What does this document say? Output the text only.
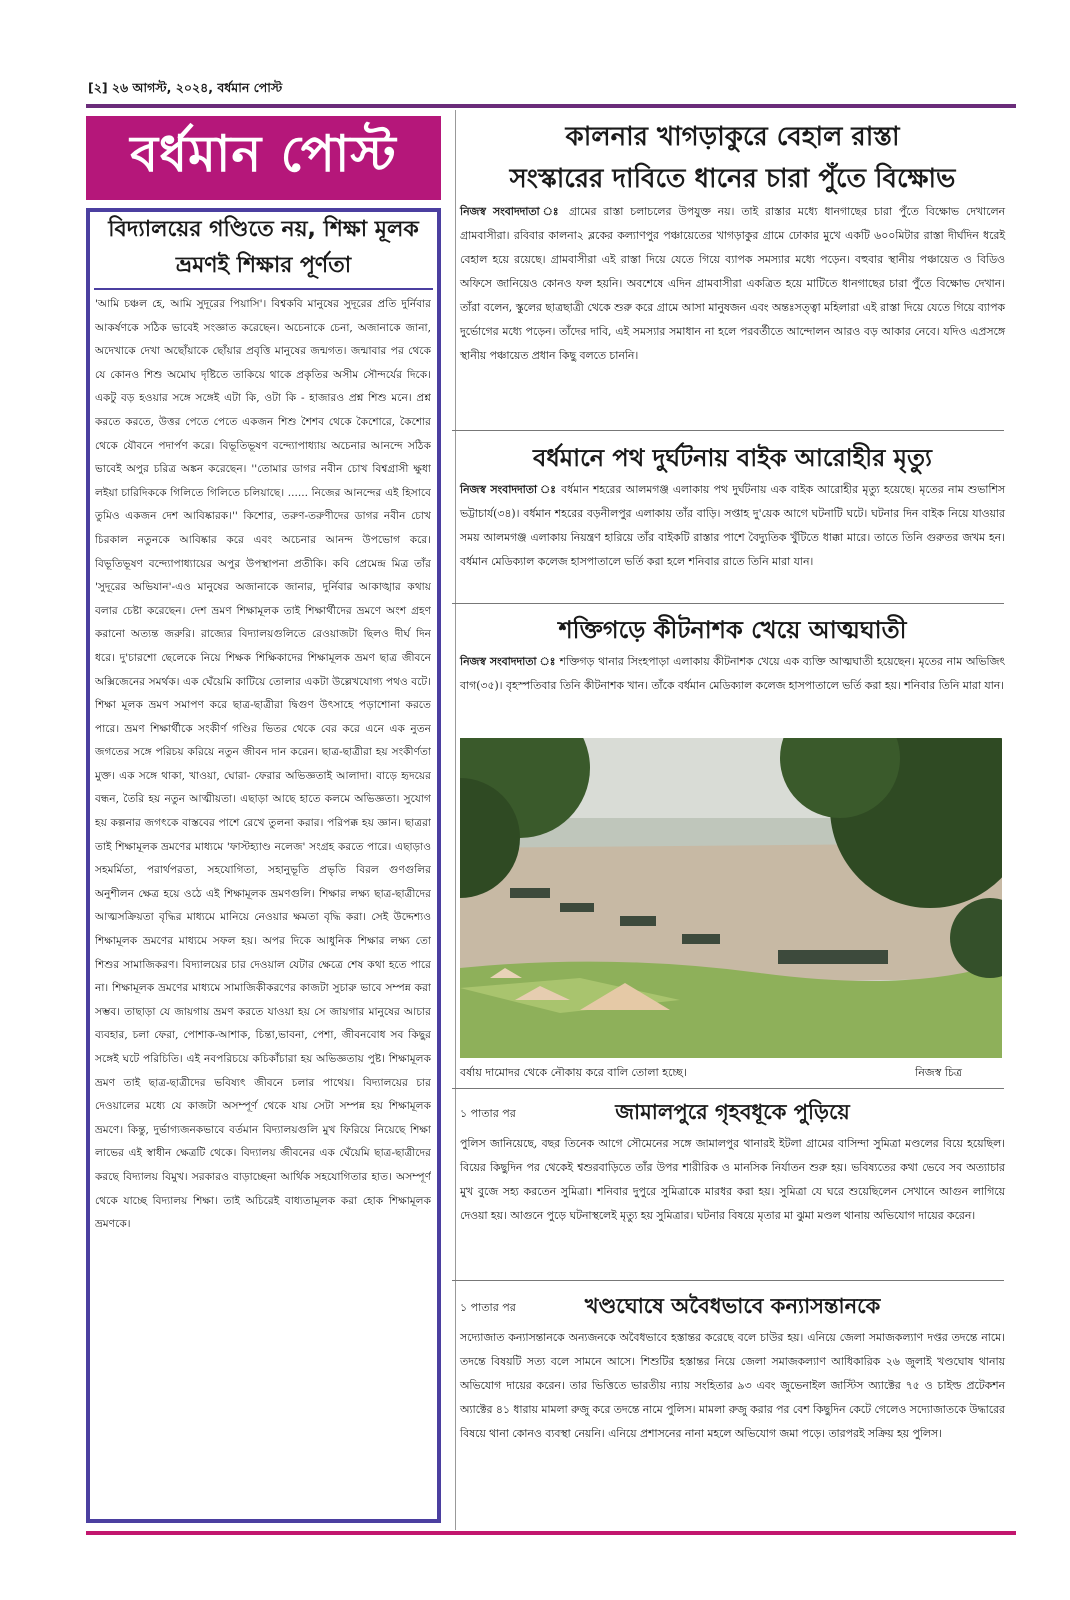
[২] ২৬ আগস্ট, ২০২৪, বর্ধমান পোস্ট
বর্ধমান পোস্ট
বিদ্যালয়ের গণ্ডিতে নয়, শিক্ষা মূলক ভ্রমণই শিক্ষার পূর্ণতা
'আমি চঞ্চল হে, আমি সুদূরের পিয়াসি'। বিশ্বকবি মানুষের সুদূরের প্রতি দুর্নিবার আকর্ষণকে সঠিক ভাবেই সংজ্ঞাত করেছেন। অচেনাকে চেনা, অজানাকে জানা, অদেখাকে দেখা অছোঁয়াকে ছোঁয়ার প্রবৃত্তি মানুষের জন্মগত। জন্মাবার পর থেকে যে কোনও শিশু অমোঘ দৃষ্টিতে তাকিয়ে থাকে প্রকৃতির অসীম সৌন্দর্যের দিকে। একটু বড় হওয়ার সঙ্গে সঙ্গেই এটা কি, ওটা কি - হাজারও প্রশ্ন শিশু মনে। প্রশ্ন করতে করতে, উত্তর পেতে পেতে একজন শিশু শৈশব থেকে কৈশোরে, কৈশোর থেকে যৌবনে পদার্পণ করে। বিভূতিভূষণ বন্দ্যোপাধ্যায় অচেনার আনন্দে সঠিক ভাবেই অপুর চরিত্র অঙ্কন করেছেন। ''তোমার ডাগর নবীন চোখ বিশ্বগ্রাসী ক্ষুধা লইয়া চারিদিককে গিলিতে গিলিতে চলিয়াছে। ...... নিজের আনন্দের এই হিসাবে তুমিও একজন দেশ আবিষ্কারক।'' কিশোর, তরুণ-তরুণীদের ডাগর নবীন চোখ চিরকাল নতুনকে আবিষ্কার করে এবং অচেনার আনন্দ উপভোগ করে। বিভূতিভূষণ বন্দ্যোপাধ্যায়ের অপুর উপস্থাপনা প্রতীকি। কবি প্রেমেন্দ্র মিত্র তাঁর 'সুদূরের অভিযান'-এও মানুষের অজানাকে জানার, দুর্নিবার আকাঙ্খার কথায় বলার চেষ্টা করেছেন। দেশ ভ্রমণ শিক্ষামূলক তাই শিক্ষার্থীদের ভ্রমণে অংশ গ্রহণ করানো অত্যন্ত জরুরি। রাজ্যের বিদ্যালয়গুলিতে রেওয়াজটা ছিলও দীর্ঘ দিন ধরে। দু'চারশো ছেলেকে নিয়ে শিক্ষক শিক্ষিকাদের শিক্ষামূলক ভ্রমণ ছাত্র জীবনে অক্সিজেনের সমর্থক। এক ঘেঁয়েমি কাটিয়ে তোলার একটা উল্লেখযোগ্য পথও বটে। শিক্ষা মূলক ভ্রমণ সমাপণ করে ছাত্র-ছাত্রীরা দ্বিগুণ উৎসাহে পড়াশোনা করতে পারে। ভ্রমণ শিক্ষার্থীকে সংকীর্ণ গণ্ডির ভিতর থেকে বের করে এনে এক নুতন জগতের সঙ্গে পরিচয় করিয়ে নতুন জীবন দান করেন। ছাত্র-ছাত্রীরা হয় সংকীর্ণতা মুক্ত। এক সঙ্গে থাকা, খাওয়া, ঘোরা- ফেরার অভিজ্ঞতাই আলাদা। বাড়ে হৃদয়ের বন্ধন, তৈরি হয় নতুন আত্মীয়তা। এছাড়া আছে হাতে কলমে অভিজ্ঞতা। সুযোগ হয় কল্পনার জগৎকে বাস্তবের পাশে রেখে তুলনা করার। পরিপক্ক হয় জ্ঞান। ছাত্ররা তাই শিক্ষামূলক ভ্রমণের মাধ্যমে 'ফাস্টহ্যাণ্ড নলেজ' সংগ্রহ করতে পারে। এছাড়াও সহমর্মিতা, পরার্থপরতা, সহযোগিতা, সহানুভূতি প্রভৃতি বিরল গুণগুলির অনুশীলন ক্ষেত্র হয়ে ওঠে এই শিক্ষামূলক ভ্রমণগুলি। শিক্ষার লক্ষ্য ছাত্র-ছাত্রীদের আত্মসক্রিয়তা বৃদ্ধির মাধ্যমে মানিয়ে নেওয়ার ক্ষমতা বৃদ্ধি করা। সেই উদ্দেশ্যও শিক্ষামূলক ভ্রমণের মাধ্যমে সফল হয়। অপর দিকে আধুনিক শিক্ষার লক্ষ্য তো শিশুর সামাজিকরণ। বিদ্যালয়ের চার দেওয়াল যেটার ক্ষেত্রে শেষ কথা হতে পারে না। শিক্ষামূলক ভ্রমণের মাধ্যমে সামাজিকীকরণের কাজটা সুচারু ভাবে সম্পন্ন করা সম্ভব। তাছাড়া যে জায়গায় ভ্রমণ করতে যাওয়া হয় সে জায়গার মানুষের আচার ব্যবহার, চলা ফেরা, পোশাক-আশাক, চিন্তা,ভাবনা, পেশা, জীবনবোধ সব কিছুর সঙ্গেই ঘটে পরিচিতি। এই নবপরিচয়ে কচিকাঁচারা হয় অভিজ্ঞতায় পুষ্ট। শিক্ষামূলক ভ্রমণ তাই ছাত্র-ছাত্রীদের ভবিষ্যৎ জীবনে চলার পাথেয়। বিদ্যালয়ের চার দেওয়ালের মধ্যে যে কাজটা অসম্পূর্ণ থেকে যায় সেটা সম্পন্ন হয় শিক্ষামূলক ভ্রমণে। কিন্তু, দুর্ভাগ্যজনকভাবে বর্তমান বিদ্যালয়গুলি মুখ ফিরিয়ে নিয়েছে শিক্ষা লাভের এই স্বাধীন ক্ষেত্রটি থেকে। বিদ্যালয় জীবনের এক ঘেঁয়েমি ছাত্র-ছাত্রীদের করছে বিদ্যালয় বিমুখ। সরকারও বাড়াচ্ছেনা আর্থিক সহযোগিতার হাত। অসম্পূর্ণ থেকে যাচ্ছে বিদ্যালয় শিক্ষা। তাই অচিরেই বাধ্যতামূলক করা হোক শিক্ষামূলক ভ্রমণকে।
কালনার খাগড়াকুরে বেহাল রাস্তা
সংস্কারের দাবিতে ধানের চারা পুঁতে বিক্ষোভ
নিজস্ব সংবাদদাতা ঃ গ্রামের রাস্তা চলাচলের উপযুক্ত নয়। তাই রাস্তার মধ্যে ধানগাছের চারা পুঁতে বিক্ষোভ দেখালেন গ্রামবাসীরা। রবিবার কালনা২ ব্লকের কল্যাণপুর পঞ্চায়েতের খাগড়াকুর গ্রামে ঢোকার মুখে একটি ৬০০মিটার রাস্তা দীর্ঘদিন ধরেই বেহাল হয়ে রয়েছে। গ্রামবাসীরা এই রাস্তা দিয়ে যেতে গিয়ে ব্যাপক সমস্যার মধ্যে পড়েন। বহুবার স্থানীয় পঞ্চায়েত ও বিডিও অফিসে জানিয়েও কোনও ফল হয়নি। অবশেষে এদিন গ্রামবাসীরা একত্রিত হয়ে মাটিতে ধানগাছের চারা পুঁতে বিক্ষোভ দেখান। তাঁরা বলেন, স্কুলের ছাত্রছাত্রী থেকে শুরু করে গ্রামে আসা মানুষজন এবং অন্তঃসত্ত্বা মহিলারা এই রাস্তা দিয়ে যেতে গিয়ে ব্যাপক দুর্ভোগের মধ্যে পড়েন। তাঁদের দাবি, এই সমস্যার সমাধান না হলে পরবর্তীতে আন্দোলন আরও বড় আকার নেবে। যদিও এপ্রসঙ্গে স্থানীয় পঞ্চায়েত প্রধান কিছু বলতে চাননি।
বর্ধমানে পথ দুর্ঘটনায় বাইক আরোহীর মৃত্যু
নিজস্ব সংবাদদাতা ঃ বর্ধমান শহরের আলমগঞ্জ এলাকায় পথ দুর্ঘটনায় এক বাইক আরোহীর মৃত্যু হয়েছে। মৃতের নাম শুভাশিস ভট্টাচার্য(৩৪)। বর্ধমান শহরের বড়নীলপুর এলাকায় তাঁর বাড়ি। সপ্তাহ দু'য়েক আগে ঘটনাটি ঘটে। ঘটনার দিন বাইক নিয়ে যাওয়ার সময় আলমগঞ্জ এলাকায় নিয়ন্ত্রণ হারিয়ে তাঁর বাইকটি রাস্তার পাশে বৈদ্যুতিক খুঁটিতে ধাক্কা মারে। তাতে তিনি গুরুতর জখম হন। বর্ধমান মেডিক্যাল কলেজ হাসপাতালে ভর্তি করা হলে শনিবার রাতে তিনি মারা যান।
শক্তিগড়ে কীটনাশক খেয়ে আত্মঘাতী
নিজস্ব সংবাদদাতা ঃ শক্তিগড় থানার সিংহপাড়া এলাকায় কীটনাশক খেয়ে এক ব্যক্তি আত্মঘাতী হয়েছেন। মৃতের নাম অভিজিৎ বাগ(৩৫)। বৃহস্পতিবার তিনি কীটনাশক খান। তাঁকে বর্ধমান মেডিক্যাল কলেজ হাসপাতালে ভর্তি করা হয়। শনিবার তিনি মারা যান।
বর্ষায় দামোদর থেকে নৌকায় করে বালি তোলা হচ্ছে।	নিজস্ব চিত্র
১ পাতার পর	জামালপুরে গৃহবধূকে পুড়িয়ে
পুলিস জানিয়েছে, বছর তিনেক আগে সৌমেনের সঙ্গে জামালপুর থানারই ইটলা গ্রামের বাসিন্দা সুমিত্রা মণ্ডলের বিয়ে হয়েছিল। বিয়ের কিছুদিন পর থেকেই শ্বশুরবাড়িতে তাঁর উপর শারীরিক ও মানসিক নির্যাতন শুরু হয়। ভবিষ্যতের কথা ভেবে সব অত্যাচার মুখ বুজে সহ্য করতেন সুমিত্রা। শনিবার দুপুরে সুমিত্রাকে মারধর করা হয়। সুমিত্রা যে ঘরে শুয়েছিলেন সেখানে আগুন লাগিয়ে দেওয়া হয়। আগুনে পুড়ে ঘটনাস্থলেই মৃত্যু হয় সুমিত্রার। ঘটনার বিষয়ে মৃতার মা ঝুমা মণ্ডল থানায় অভিযোগ দায়ের করেন।
১ পাতার পর	খণ্ডঘোষে অবৈধভাবে কন্যাসন্তানকে
সদ্যোজাত কন্যাসন্তানকে অন্যজনকে অবৈধভাবে হস্তান্তর করেছে বলে চাউর হয়। এনিয়ে জেলা সমাজকল্যাণ দপ্তর তদন্তে নামে। তদন্তে বিষয়টি সত্য বলে সামনে আসে। শিশুটির হস্তান্তর নিয়ে জেলা সমাজকল্যাণ আধিকারিক ২৬ জুলাই খণ্ডঘোষ থানায় অভিযোগ দায়ের করেন। তার ভিত্তিতে ভারতীয় ন্যায় সংহিতার ৯৩ এবং জুভেনাইল জাস্টিস অ্যাক্টের ৭৫ ও চাইল্ড প্রটেকশন অ্যাক্টের ৪১ ধারায় মামলা রুজু করে তদন্তে নামে পুলিস। মামলা রুজু করার পর বেশ কিছুদিন কেটে গেলেও সদ্যোজাতকে উদ্ধারের বিষয়ে থানা কোনও ব্যবস্থা নেয়নি। এনিয়ে প্রশাসনের নানা মহলে অভিযোগ জমা পড়ে। তারপরই সক্রিয় হয় পুলিস।
